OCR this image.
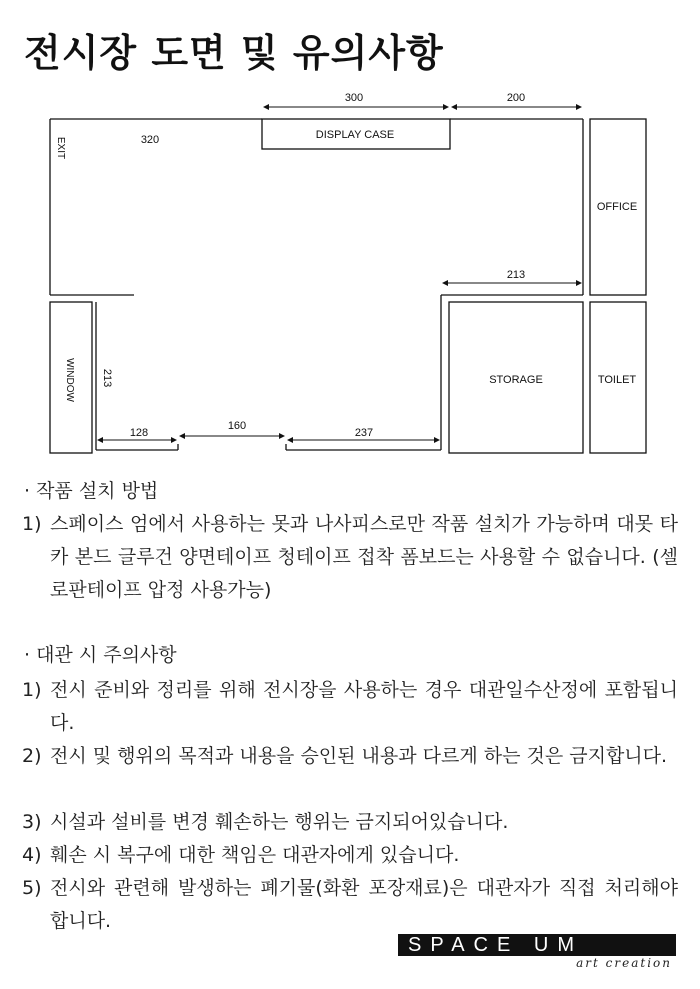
전시장 도면 및 유의사항
300	200
320
213
128
160
237
213
DISPLAY CASE
OFFICE
STORAGE	TOILET
EXIT
WINDOW
· 작품 설치 방법
1) 스페이스 엄에서 사용하는 못과 나사피스로만 작품 설치가 가능하며 대못 타카 본드 글루건 양면테이프 청테이프 접착 폼보드는 사용할 수 없습니다. (셀로판테이프 압정 사용가능)
· 대관 시 주의사항
1) 전시 준비와 정리를 위해 전시장을 사용하는 경우 대관일수산정에 포함됩니다.
2) 전시 및 행위의 목적과 내용을 승인된 내용과 다르게 하는 것은 금지합니다.
3) 시설과 설비를 변경 훼손하는 행위는 금지되어있습니다.
4) 훼손 시 복구에 대한 책임은 대관자에게 있습니다.
5) 전시와 관련해 발생하는 폐기물(화환 포장재료)은 대관자가 직접 처리해야 합니다.
SPACE UM
art creation
